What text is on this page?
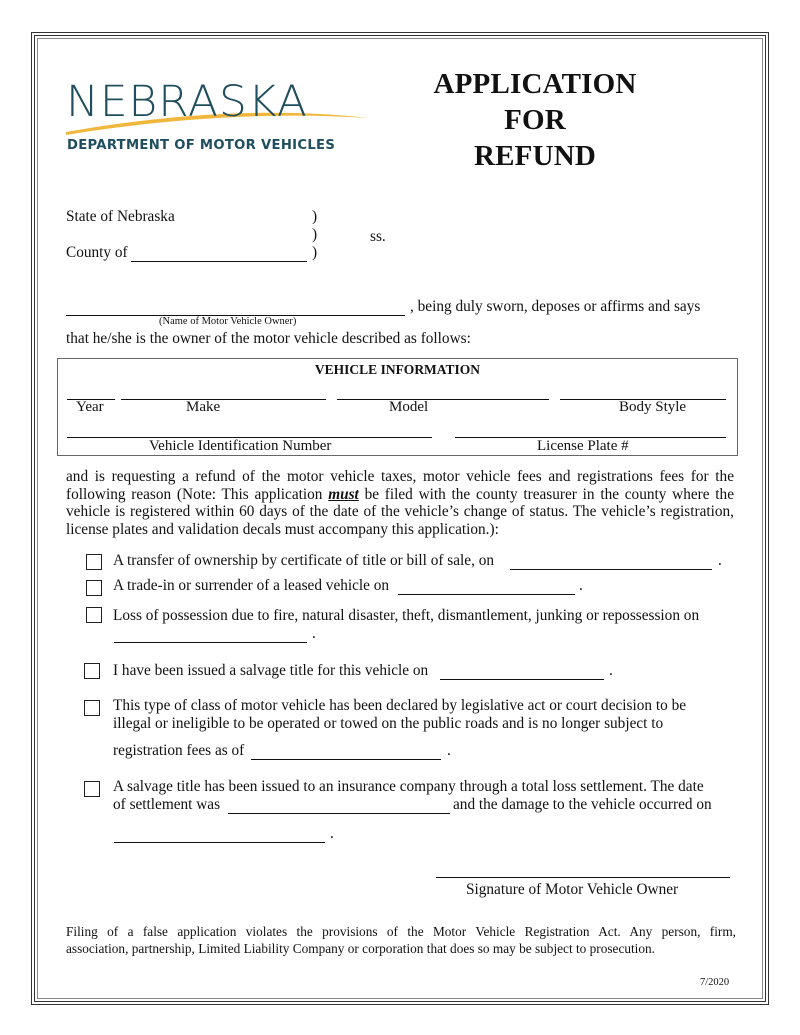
NEBRASKA
DEPARTMENT OF MOTOR VEHICLES
APPLICATION
FOR
REFUND
State of Nebraska	)
)	ss.
County of	)
, being duly sworn, deposes or affirms and says
(Name of Motor Vehicle Owner)
that he/she is the owner of the motor vehicle described as follows:
VEHICLE INFORMATION
Year	Make	Model	Body Style
Vehicle Identification Number	License Plate #
and is requesting a refund of the motor vehicle taxes, motor vehicle fees and registrations fees for the following reason (Note: This application must be filed with the county treasurer in the county where the vehicle is registered within 60 days of the date of the vehicle’s change of status. The vehicle’s registration, license plates and validation decals must accompany this application.):
A transfer of ownership by certificate of title or bill of sale, on	.
A trade-in or surrender of a leased vehicle on	.
Loss of possession due to fire, natural disaster, theft, dismantlement, junking or repossession on
.
I have been issued a salvage title for this vehicle on	.
This type of class of motor vehicle has been declared by legislative act or court decision to be
illegal or ineligible to be operated or towed on the public roads and is no longer subject to
registration fees as of	.
A salvage title has been issued to an insurance company through a total loss settlement. The date
of settlement was	and the damage to the vehicle occurred on
.
Signature of Motor Vehicle Owner
Filing of a false application violates the provisions of the Motor Vehicle Registration Act. Any person, firm,
association, partnership, Limited Liability Company or corporation that does so may be subject to prosecution.
7/2020
